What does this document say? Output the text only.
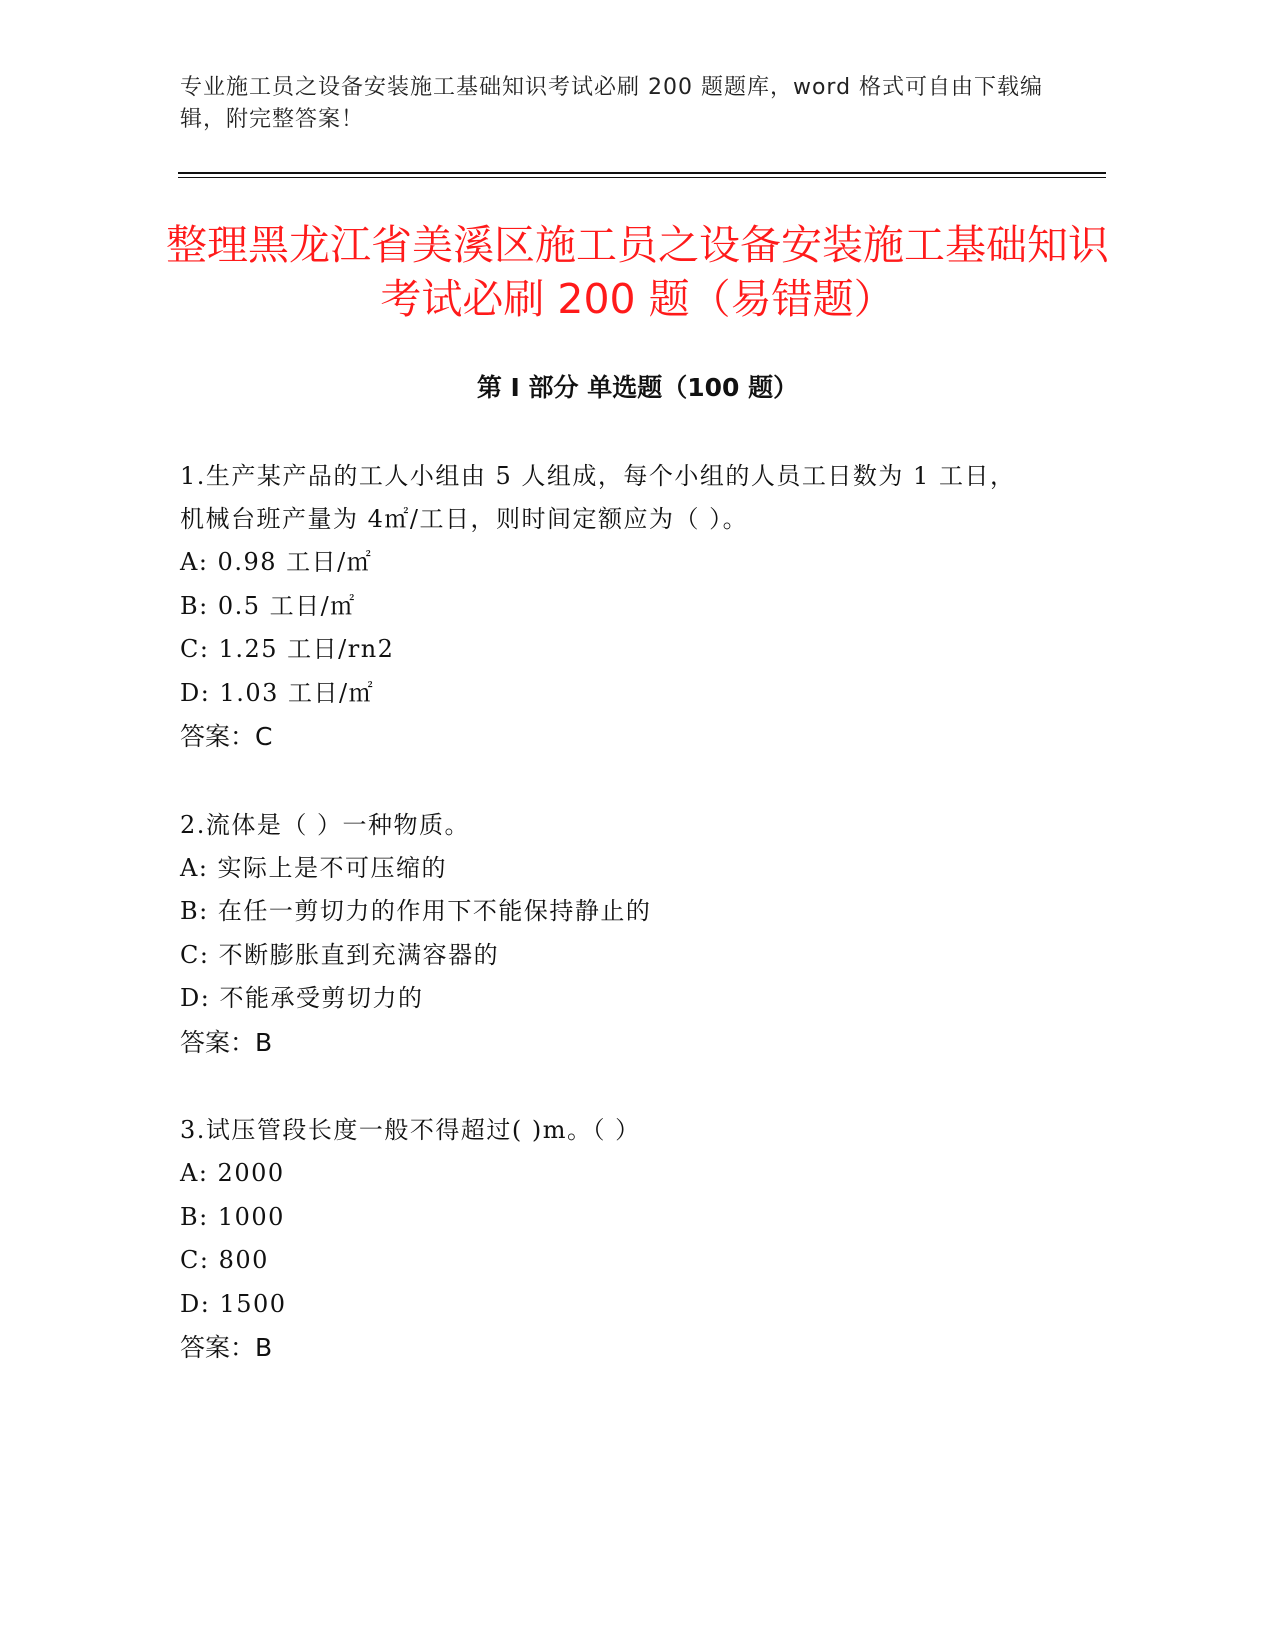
专业施工员之设备安装施工基础知识考试必刷 200 题题库，word 格式可自由下载编辑，附完整答案！
整理黑龙江省美溪区施工员之设备安装施工基础知识考试必刷 200 题（易错题）
第 I 部分 单选题（100 题）
1.生产某产品的工人小组由 5 人组成，每个小组的人员工日数为 1 工日，机械台班产量为 4㎡/工日，则时间定额应为（ ）。
A: 0.98 工日/㎡
B: 0.5 工日/㎡
C: 1.25 工日/rn2
D: 1.03 工日/㎡
答案：C
2.流体是（ ）一种物质。
A: 实际上是不可压缩的
B: 在任一剪切力的作用下不能保持静止的
C: 不断膨胀直到充满容器的
D: 不能承受剪切力的
答案：B
3.试压管段长度一般不得超过( )m。（ ）
A: 2000
B: 1000
C: 800
D: 1500
答案：B
